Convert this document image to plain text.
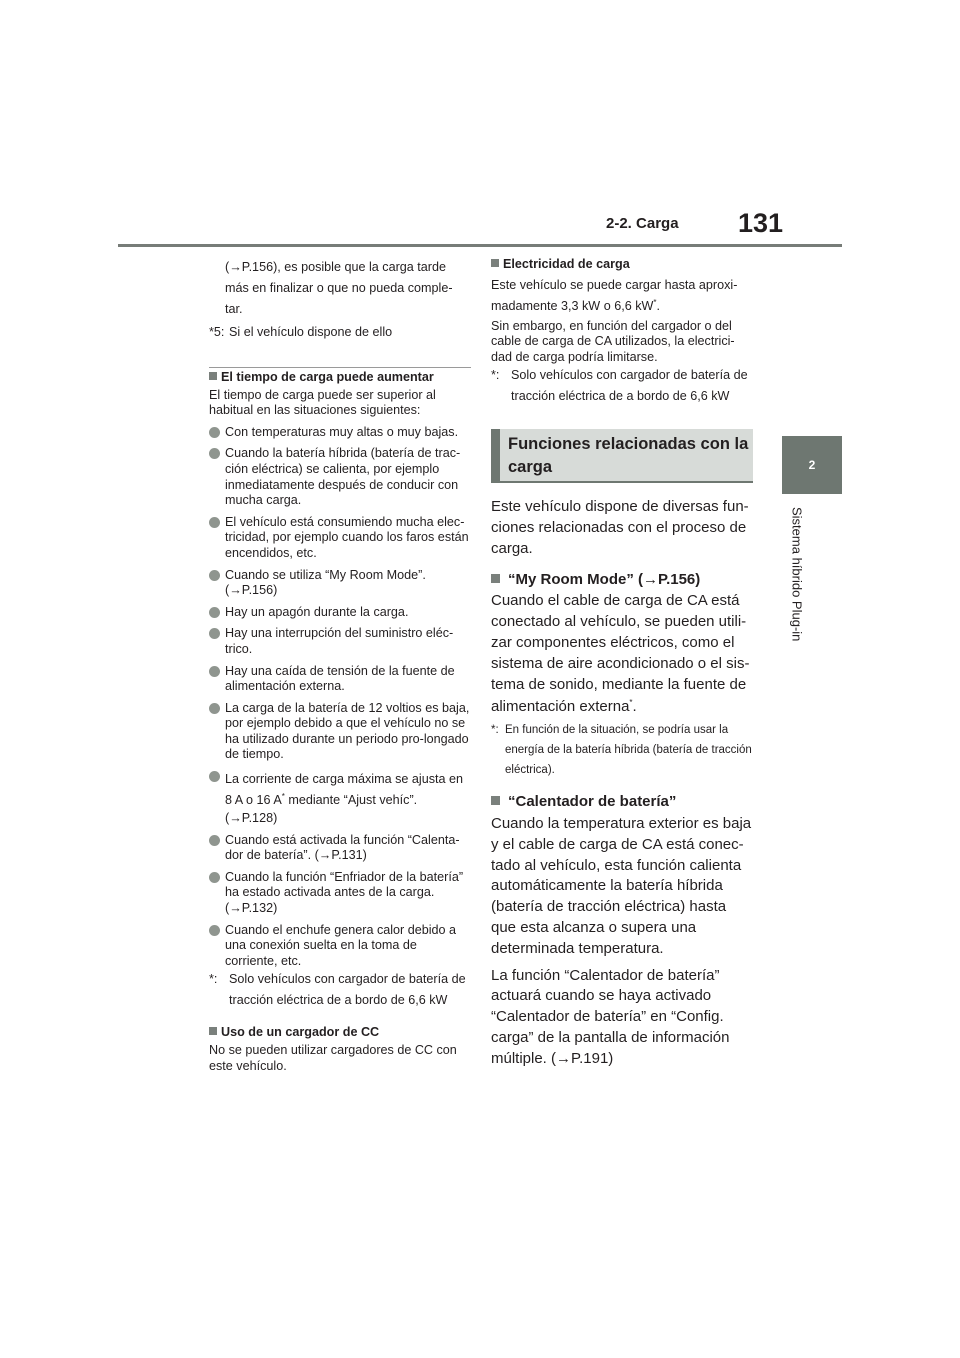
2-2. Carga 131
2
Sistema híbrido Plug-in
(→P.156), es posible que la carga tarde
más en finalizar o que no pueda comple-
tar.
*5: Si el vehículo dispone de ello

El tiempo de carga puede aumentar

El tiempo de carga puede ser superior al habitual en las situaciones siguientes:

Con temperaturas muy altas o muy bajas.
Cuando la batería híbrida (batería de trac-ción eléctrica) se calienta, por ejemplo inmediatamente después de conducir con mucha carga.
El vehículo está consumiendo mucha elec-tricidad, por ejemplo cuando los faros están encendidos, etc.
Cuando se utiliza “My Room Mode”. (→P.156)
Hay un apagón durante la carga.
Hay una interrupción del suministro eléc-trico.
Hay una caída de tensión de la fuente de alimentación externa.
La carga de la batería de 12 voltios es baja, por ejemplo debido a que el vehículo no se ha utilizado durante un periodo pro-longado de tiempo.
La corriente de carga máxima se ajusta en
8 A o 16 A* mediante “Ajust vehíc”.
(→P.128)
Cuando está activada la función “Calenta-dor de batería”. (→P.131)
Cuando la función “Enfriador de la batería” ha estado activada antes de la carga. (→P.132)
Cuando el enchufe genera calor debido a una conexión suelta en la toma de corriente, etc.
*: Solo vehículos con cargador de batería de tracción eléctrica de a bordo de 6,6 kW

Uso de un cargador de CC

No se pueden utilizar cargadores de CC con este vehículo.

Electricidad de carga

Este vehículo se puede cargar hasta aproxi-

madamente 3,3 kW o 6,6 kW*.

Sin embargo, en función del cargador o del cable de carga de CA utilizados, la electrici-dad de carga podría limitarse.

*: Solo vehículos con cargador de batería de tracción eléctrica de a bordo de 6,6 kW
Funciones relacionadas con la carga

Este vehículo dispone de diversas fun-ciones relacionadas con el proceso de carga.

“My Room Mode” (→P.156)

Cuando el cable de carga de CA está conectado al vehículo, se pueden utili-zar componentes eléctricos, como el sistema de aire acondicionado o el sis-tema de sonido, mediante la fuente de

alimentación externa*.

*: En función de la situación, se podría usar la energía de la batería híbrida (batería de tracción eléctrica).

“Calentador de batería”

Cuando la temperatura exterior es baja y el cable de carga de CA está conec-tado al vehículo, esta función calienta automáticamente la batería híbrida (batería de tracción eléctrica) hasta que esta alcanza o supera una determinada temperatura.

La función “Calentador de batería” actuará cuando se haya activado “Calentador de batería” en “Config. carga” de la pantalla de información múltiple. (→P.191)
